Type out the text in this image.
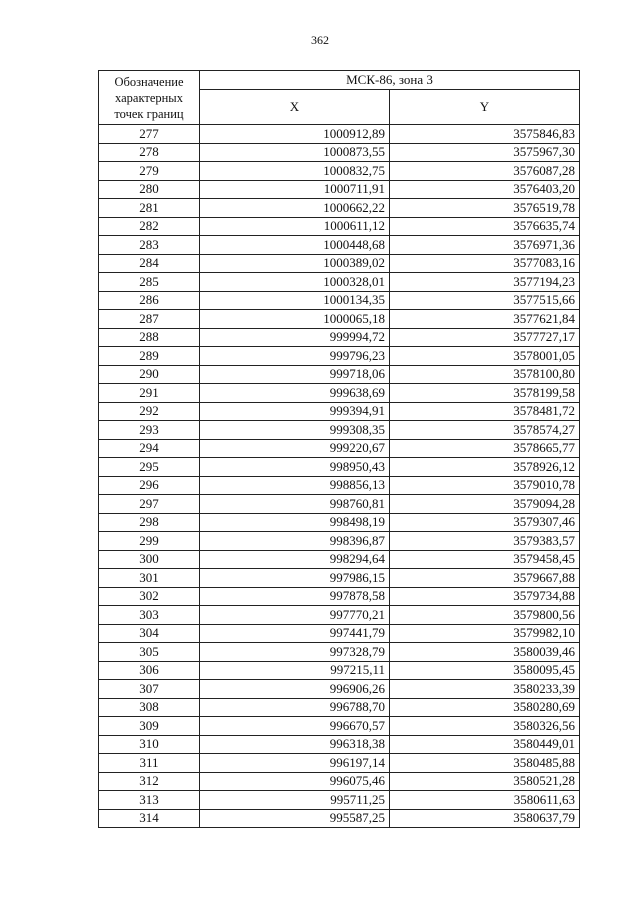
362
Обозначение
характерных
точек границ	МСК-86, зона 3	
	X	Y
277	1000912,89	3575846,83
278	1000873,55	3575967,30
279	1000832,75	3576087,28
280	1000711,91	3576403,20
281	1000662,22	3576519,78
282	1000611,12	3576635,74
283	1000448,68	3576971,36
284	1000389,02	3577083,16
285	1000328,01	3577194,23
286	1000134,35	3577515,66
287	1000065,18	3577621,84
288	999994,72	3577727,17
289	999796,23	3578001,05
290	999718,06	3578100,80
291	999638,69	3578199,58
292	999394,91	3578481,72
293	999308,35	3578574,27
294	999220,67	3578665,77
295	998950,43	3578926,12
296	998856,13	3579010,78
297	998760,81	3579094,28
298	998498,19	3579307,46
299	998396,87	3579383,57
300	998294,64	3579458,45
301	997986,15	3579667,88
302	997878,58	3579734,88
303	997770,21	3579800,56
304	997441,79	3579982,10
305	997328,79	3580039,46
306	997215,11	3580095,45
307	996906,26	3580233,39
308	996788,70	3580280,69
309	996670,57	3580326,56
310	996318,38	3580449,01
311	996197,14	3580485,88
312	996075,46	3580521,28
313	995711,25	3580611,63
314	995587,25	3580637,79
